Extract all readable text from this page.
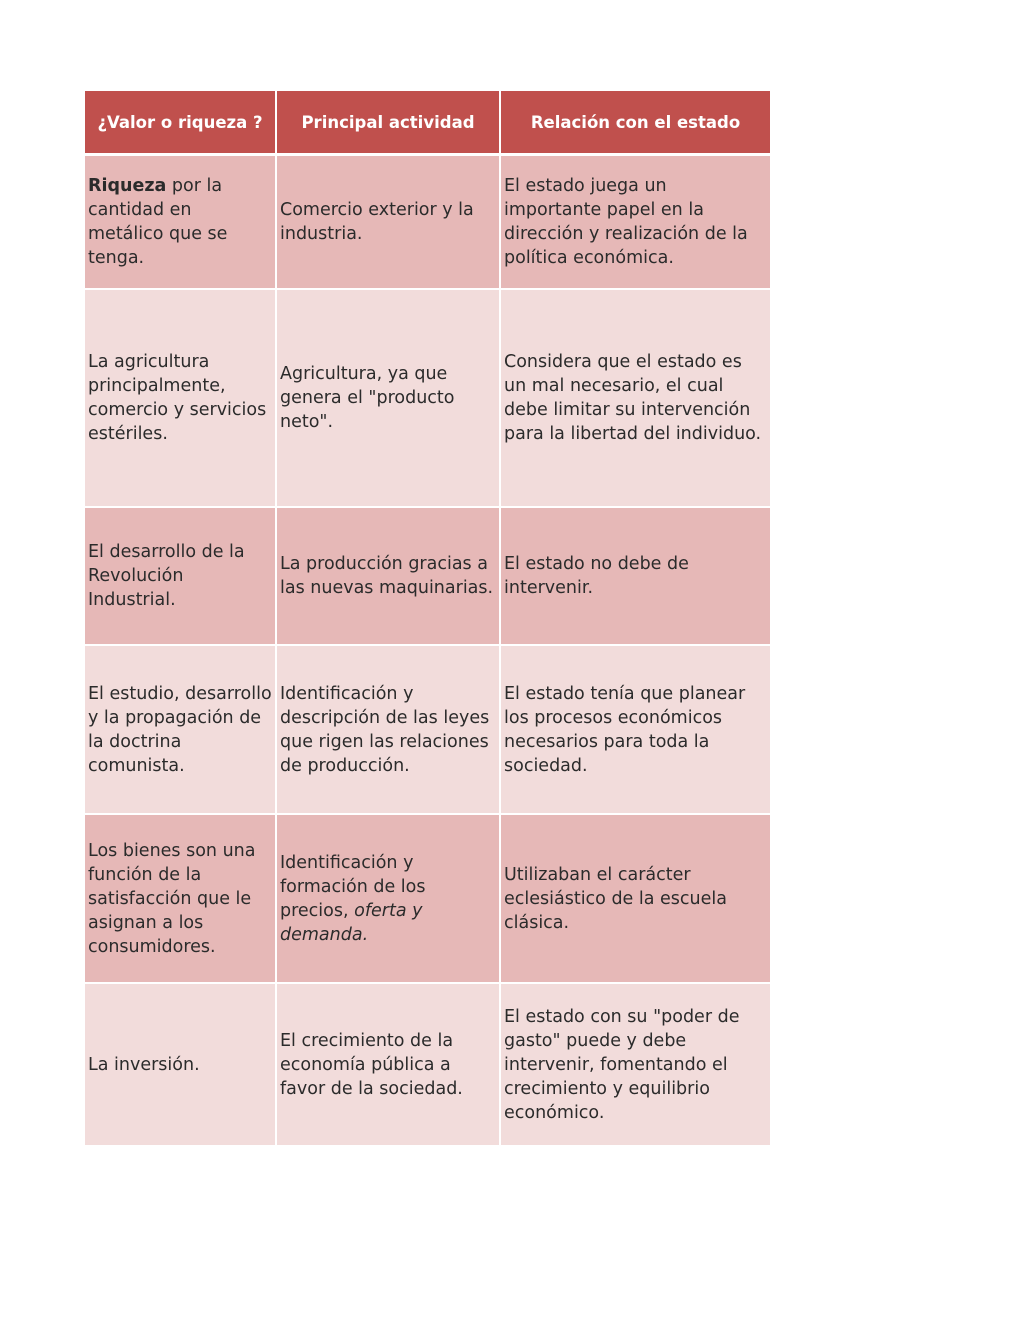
¿Valor o riqueza ?	Principal actividad	Relación con el estado
Riqueza por la cantidad en metálico que se tenga.	Comercio exterior y la industria.	El estado juega un importante papel en la dirección y realización de la política económica.
La agricultura principalmente, comercio y servicios estériles.	Agricultura, ya que genera el "producto neto".	Considera que el estado es un mal necesario, el cual debe limitar su intervención para la libertad del individuo.
El desarrollo de la Revolución Industrial.	La producción gracias a las nuevas maquinarias.	El estado no debe de intervenir.
El estudio, desarrollo y la propagación de la doctrina comunista.	Identificación y descripción de las leyes que rigen las relaciones de producción.	El estado tenía que planear los procesos económicos necesarios para toda la sociedad.
Los bienes son una función de la satisfacción que le asignan a los consumidores.	Identificación y formación de los precios, oferta y demanda.	Utilizaban el carácter eclesiástico de la escuela clásica.
La inversión.	El crecimiento de la economía pública a favor de la sociedad.	El estado con su "poder de gasto" puede y debe intervenir, fomentando el crecimiento y equilibrio económico.
